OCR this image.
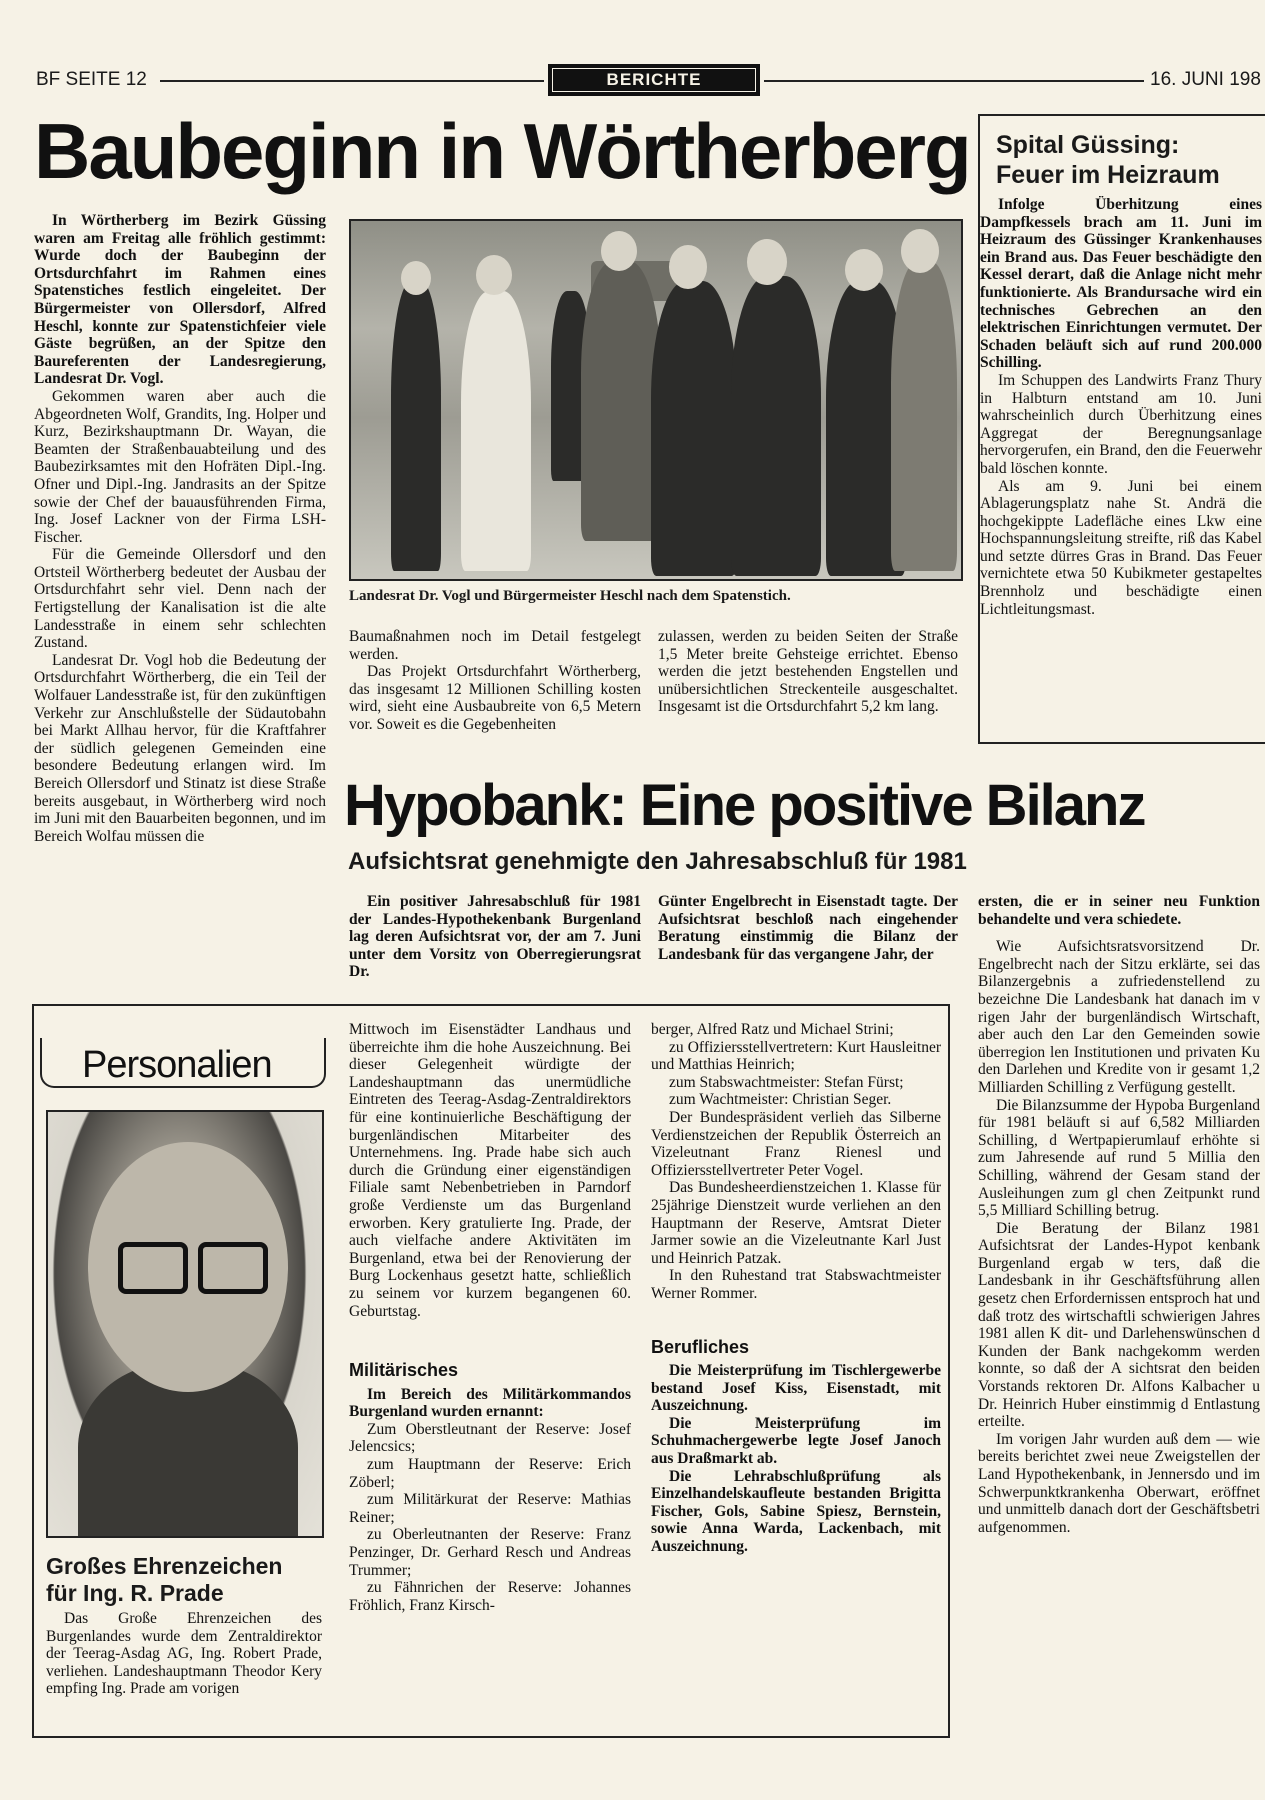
BF SEITE 12	BERICHTE	16. JUNI 198
Baubeginn in Wörtherberg

In Wörtherberg im Bezirk Güssing waren am Freitag alle fröhlich gestimmt: Wurde doch der Baubeginn der Ortsdurchfahrt im Rahmen eines Spatenstiches festlich eingeleitet. Der Bürgermeister von Ollersdorf, Alfred Heschl, konnte zur Spatenstichfeier viele Gäste begrüßen, an der Spitze den Baureferenten der Landesregierung, Landesrat Dr. Vogl.

Gekommen waren aber auch die Abgeordneten Wolf, Grandits, Ing. Holper und Kurz, Bezirkshauptmann Dr. Wayan, die Beamten der Straßenbauabteilung und des Baubezirksamtes mit den Hofräten Dipl.-Ing. Ofner und Dipl.-Ing. Jandrasits an der Spitze sowie der Chef der bauausführenden Firma, Ing. Josef Lackner von der Firma LSH-Fischer.

Für die Gemeinde Ollersdorf und den Ortsteil Wörtherberg bedeutet der Ausbau der Ortsdurchfahrt sehr viel. Denn nach der Fertigstellung der Kanalisation ist die alte Landesstraße in einem sehr schlechten Zustand.

Landesrat Dr. Vogl hob die Bedeutung der Ortsdurchfahrt Wörtherberg, die ein Teil der Wolfauer Landesstraße ist, für den zukünftigen Verkehr zur Anschlußstelle der Südautobahn bei Markt Allhau hervor, für die Kraftfahrer der südlich gelegenen Gemeinden eine besondere Bedeutung erlangen wird. Im Bereich Ollersdorf und Stinatz ist diese Straße bereits ausgebaut, in Wörtherberg wird noch im Juni mit den Bauarbeiten begonnen, und im Bereich Wolfau müssen die

Landesrat Dr. Vogl und Bürgermeister Heschl nach dem Spatenstich.

Baumaßnahmen noch im Detail festgelegt werden.

Das Projekt Ortsdurchfahrt Wörtherberg, das insgesamt 12 Millionen Schilling kosten wird, sieht eine Ausbaubreite von 6,5 Metern vor. Soweit es die Gegebenheiten

zulassen, werden zu beiden Seiten der Straße 1,5 Meter breite Gehsteige errichtet. Ebenso werden die jetzt bestehenden Engstellen und unübersichtlichen Streckenteile ausgeschaltet. Insgesamt ist die Ortsdurchfahrt 5,2 km lang.

Spital Güssing:
Feuer im Heizraum

Infolge Überhitzung eines Dampfkessels brach am 11. Juni im Heizraum des Güssinger Krankenhauses ein Brand aus. Das Feuer beschädigte den Kessel derart, daß die Anlage nicht mehr funktionierte. Als Brandursache wird ein technisches Gebrechen an den elektrischen Einrichtungen vermutet. Der Schaden beläuft sich auf rund 200.000 Schilling.

Im Schuppen des Landwirts Franz Thury in Halbturn entstand am 10. Juni wahrscheinlich durch Überhitzung eines Aggregat der Beregnungsanlage hervorgerufen, ein Brand, den die Feuerwehr bald löschen konnte.

Als am 9. Juni bei einem Ablagerungsplatz nahe St. Andrä die hochgekippte Ladefläche eines Lkw eine Hochspannungsleitung streifte, riß das Kabel und setzte dürres Gras in Brand. Das Feuer vernichtete etwa 50 Kubikmeter gestapeltes Brennholz und beschädigte einen Lichtleitungsmast.

Hypobank: Eine positive Bilanz
Aufsichtsrat genehmigte den Jahresabschluß für 1981

Ein positiver Jahresabschluß für 1981 der Landes-Hypothekenbank Burgenland lag deren Aufsichtsrat vor, der am 7. Juni unter dem Vorsitz von Oberregierungsrat Dr.

Günter Engelbrecht in Eisenstadt tagte. Der Aufsichtsrat beschloß nach eingehender Beratung einstimmig die Bilanz der Landesbank für das vergangene Jahr, der

ersten, die er in seiner neu Funktion behandelte und vera schiedete.

Wie Aufsichtsratsvorsitzend Dr. Engelbrecht nach der Sitzu erklärte, sei das Bilanzergebnis a zufriedenstellend zu bezeichne Die Landesbank hat danach im v rigen Jahr der burgenländisch Wirtschaft, aber auch den Lar den Gemeinden sowie überregion len Institutionen und privaten Ku den Darlehen und Kredite von ir gesamt 1,2 Milliarden Schilling z Verfügung gestellt.

Die Bilanzsumme der Hypoba Burgenland für 1981 beläuft si auf 6,582 Milliarden Schilling, d Wertpapierumlauf erhöhte si zum Jahresende auf rund 5 Millia den Schilling, während der Gesam stand der Ausleihungen zum gl chen Zeitpunkt rund 5,5 Milliard Schilling betrug.

Die Beratung der Bilanz 1981 Aufsichtsrat der Landes-Hypot kenbank Burgenland ergab w ters, daß die Landesbank in ihr Geschäftsführung allen gesetz chen Erfordernissen entsproch hat und daß trotz des wirtschaftli schwierigen Jahres 1981 allen K dit- und Darlehenswünschen d Kunden der Bank nachgekomm werden konnte, so daß der A sichtsrat den beiden Vorstands rektoren Dr. Alfons Kalbacher u Dr. Heinrich Huber einstimmig d Entlastung erteilte.

Im vorigen Jahr wurden auß dem — wie bereits berichtet zwei neue Zweigstellen der Land Hypothekenbank, in Jennersdo und im Schwerpunktkrankenha Oberwart, eröffnet und unmittelb danach dort der Geschäftsbetri aufgenommen.

Personalien
Großes Ehrenzeichen
für Ing. R. Prade

Das Große Ehrenzeichen des Burgenlandes wurde dem Zentraldirektor der Teerag-Asdag AG, Ing. Robert Prade, verliehen. Landeshauptmann Theodor Kery empfing Ing. Prade am vorigen

Mittwoch im Eisenstädter Landhaus und überreichte ihm die hohe Auszeichnung. Bei dieser Gelegenheit würdigte der Landeshauptmann das unermüdliche Eintreten des Teerag-Asdag-Zentraldirektors für eine kontinuierliche Beschäftigung der burgenländischen Mitarbeiter des Unternehmens. Ing. Prade habe sich auch durch die Gründung einer eigenständigen Filiale samt Nebenbetrieben in Parndorf große Verdienste um das Burgenland erworben. Kery gratulierte Ing. Prade, der auch vielfache andere Aktivitäten im Burgenland, etwa bei der Renovierung der Burg Lockenhaus gesetzt hatte, schließlich zu seinem vor kurzem begangenen 60. Geburtstag.

Militärisches

Im Bereich des Militärkommandos Burgenland wurden ernannt:

Zum Oberstleutnant der Reserve: Josef Jelencsics;

zum Hauptmann der Reserve: Erich Zöberl;

zum Militärkurat der Reserve: Mathias Reiner;

zu Oberleutnanten der Reserve: Franz Penzinger, Dr. Gerhard Resch und Andreas Trummer;

zu Fähnrichen der Reserve: Johannes Fröhlich, Franz Kirsch-

berger, Alfred Ratz und Michael Strini;

zu Offiziersstellvertretern: Kurt Hausleitner und Matthias Heinrich;

zum Stabswachtmeister: Stefan Fürst;

zum Wachtmeister: Christian Seger.

Der Bundespräsident verlieh das Silberne Verdienstzeichen der Republik Österreich an Vizeleutnant Franz Rienesl und Offiziersstellvertreter Peter Vogel.

Das Bundesheerdienstzeichen 1. Klasse für 25jährige Dienstzeit wurde verliehen an den Hauptmann der Reserve, Amtsrat Dieter Jarmer sowie an die Vizeleutnante Karl Just und Heinrich Patzak.

In den Ruhestand trat Stabswachtmeister Werner Rommer.

Berufliches

Die Meisterprüfung im Tischlergewerbe bestand Josef Kiss, Eisenstadt, mit Auszeichnung.

Die Meisterprüfung im Schuhmachergewerbe legte Josef Janoch aus Draßmarkt ab.

Die Lehrabschlußprüfung als Einzelhandelskaufleute bestanden Brigitta Fischer, Gols, Sabine Spiesz, Bernstein, sowie Anna Warda, Lackenbach, mit Auszeichnung.
